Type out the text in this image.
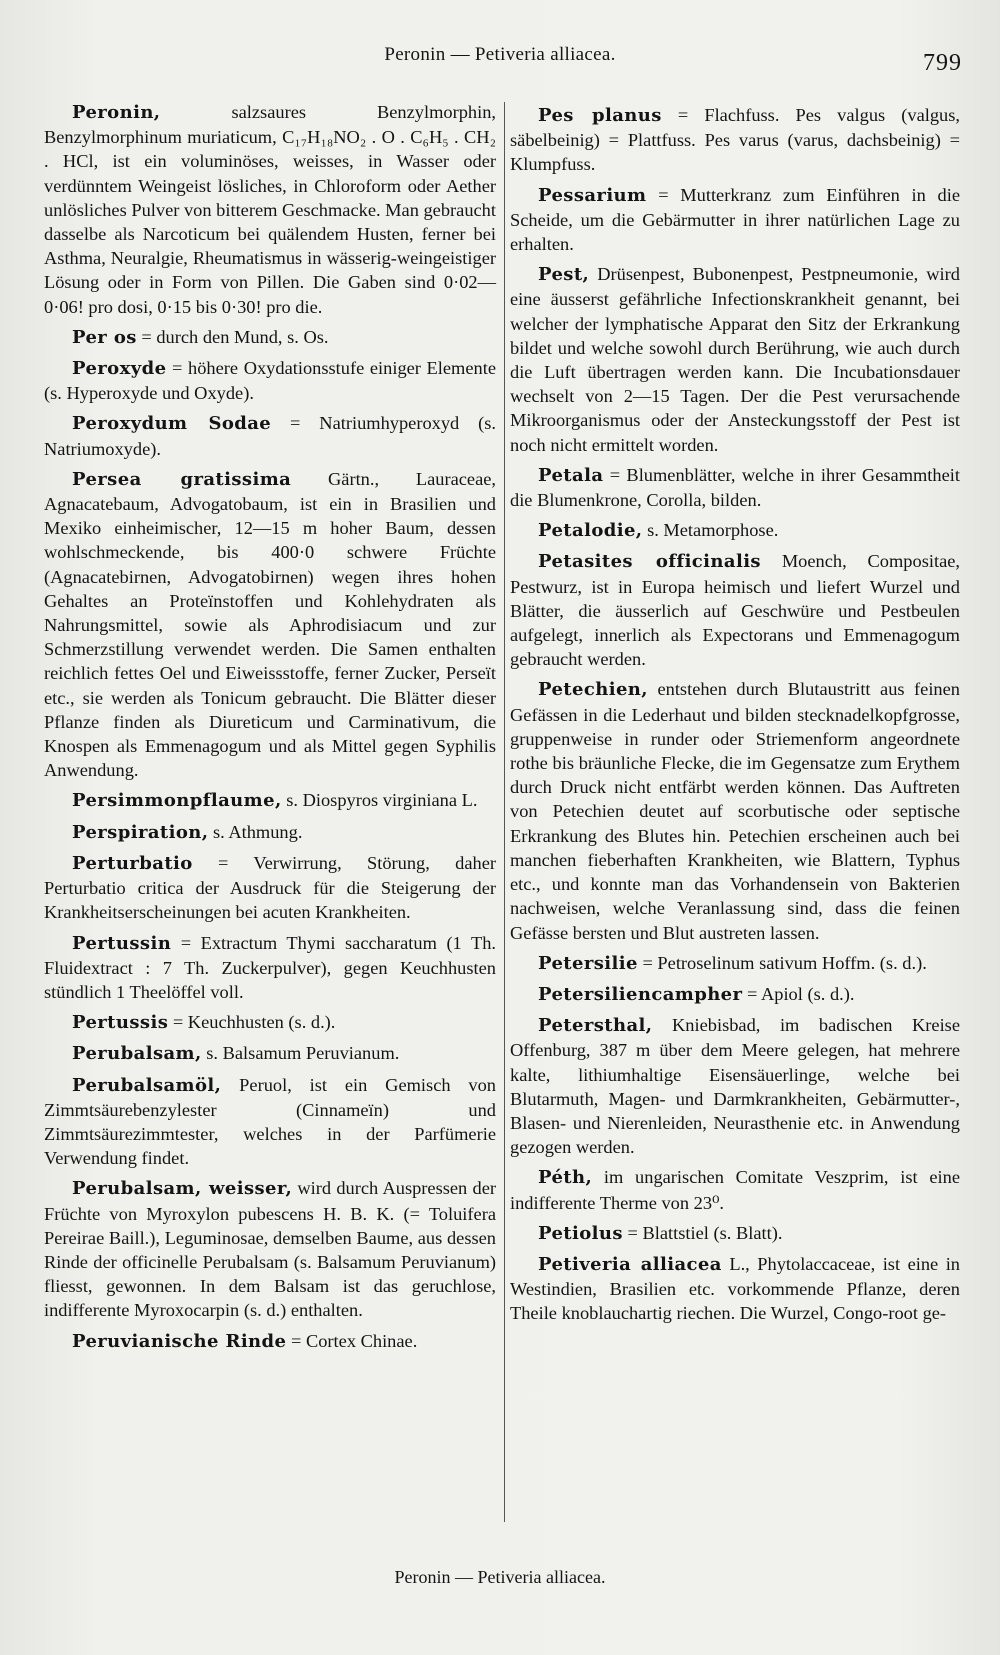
Peronin — Petiveria alliacea.	799

Peronin, salzsaures Benzylmorphin, Benzylmorphinum muriaticum, C₁₇H₁₈NO₂ . O . C₆H₅ . CH₂ . HCl, ist ein voluminöses, weisses, in Wasser oder verdünntem Weingeist lösliches, in Chloroform oder Aether unlösliches Pulver von bitterem Geschmacke. Man gebraucht dasselbe als Narcoticum bei quälendem Husten, ferner bei Asthma, Neuralgie, Rheumatismus in wässerig-weingeistiger Lösung oder in Form von Pillen. Die Gaben sind 0·02—0·06! pro dosi, 0·15 bis 0·30! pro die.

Per os = durch den Mund, s. Os.

Peroxyde = höhere Oxydationsstufe einiger Elemente (s. Hyperoxyde und Oxyde).

Peroxydum Sodae = Natriumhyperoxyd (s. Natriumoxyde).

Persea gratissima Gärtn., Lauraceae, Agnacatebaum, Advogatobaum, ist ein in Brasilien und Mexiko einheimischer, 12—15 m hoher Baum, dessen wohlschmeckende, bis 400·0 schwere Früchte (Agnacatebirnen, Advogatobirnen) wegen ihres hohen Gehaltes an Proteïnstoffen und Kohlehydraten als Nahrungsmittel, sowie als Aphrodisiacum und zur Schmerzstillung verwendet werden. Die Samen enthalten reichlich fettes Oel und Eiweissstoffe, ferner Zucker, Perseït etc., sie werden als Tonicum gebraucht. Die Blätter dieser Pflanze finden als Diureticum und Carminativum, die Knospen als Emmenagogum und als Mittel gegen Syphilis Anwendung.

Persimmonpflaume, s. Diospyros virginiana L.

Perspiration, s. Athmung.

Perturbatio = Verwirrung, Störung, daher Perturbatio critica der Ausdruck für die Steigerung der Krankheitserscheinungen bei acuten Krankheiten.

Pertussin = Extractum Thymi saccharatum (1 Th. Fluidextract : 7 Th. Zuckerpulver), gegen Keuchhusten stündlich 1 Theelöffel voll.

Pertussis = Keuchhusten (s. d.).

Perubalsam, s. Balsamum Peruvianum.

Perubalsamöl, Peruol, ist ein Gemisch von Zimmtsäurebenzylester (Cinnameïn) und Zimmtsäurezimmtester, welches in der Parfümerie Verwendung findet.

Perubalsam, weisser, wird durch Auspressen der Früchte von Myroxylon pubescens H. B. K. (= Toluifera Pereirae Baill.), Leguminosae, demselben Baume, aus dessen Rinde der officinelle Perubalsam (s. Balsamum Peruvianum) fliesst, gewonnen. In dem Balsam ist das geruchlose, indifferente Myroxocarpin (s. d.) enthalten.

Peruvianische Rinde = Cortex Chinae.

Pes planus = Flachfuss. Pes valgus (valgus, säbelbeinig) = Plattfuss. Pes varus (varus, dachsbeinig) = Klumpfuss.

Pessarium = Mutterkranz zum Einführen in die Scheide, um die Gebärmutter in ihrer natürlichen Lage zu erhalten.

Pest, Drüsenpest, Bubonenpest, Pestpneumonie, wird eine äusserst gefährliche Infectionskrankheit genannt, bei welcher der lymphatische Apparat den Sitz der Erkrankung bildet und welche sowohl durch Berührung, wie auch durch die Luft übertragen werden kann. Die Incubationsdauer wechselt von 2—15 Tagen. Der die Pest verursachende Mikroorganismus oder der Ansteckungsstoff der Pest ist noch nicht ermittelt worden.

Petala = Blumenblätter, welche in ihrer Gesammtheit die Blumenkrone, Corolla, bilden.

Petalodie, s. Metamorphose.

Petasites officinalis Moench, Compositae, Pestwurz, ist in Europa heimisch und liefert Wurzel und Blätter, die äusserlich auf Geschwüre und Pestbeulen aufgelegt, innerlich als Expectorans und Emmenagogum gebraucht werden.

Petechien, entstehen durch Blutaustritt aus feinen Gefässen in die Lederhaut und bilden stecknadelkopfgrosse, gruppenweise in runder oder Striemenform angeordnete rothe bis bräunliche Flecke, die im Gegensatze zum Erythem durch Druck nicht entfärbt werden können. Das Auftreten von Petechien deutet auf scorbutische oder septische Erkrankung des Blutes hin. Petechien erscheinen auch bei manchen fieberhaften Krankheiten, wie Blattern, Typhus etc., und konnte man das Vorhandensein von Bakterien nachweisen, welche Veranlassung sind, dass die feinen Gefässe bersten und Blut austreten lassen.

Petersilie = Petroselinum sativum Hoffm. (s. d.).

Petersiliencampher = Apiol (s. d.).

Petersthal, Kniebisbad, im badischen Kreise Offenburg, 387 m über dem Meere gelegen, hat mehrere kalte, lithiumhaltige Eisensäuerlinge, welche bei Blutarmuth, Magen- und Darmkrankheiten, Gebärmutter-, Blasen- und Nierenleiden, Neurasthenie etc. in Anwendung gezogen werden.

Péth, im ungarischen Comitate Veszprim, ist eine indifferente Therme von 23⁰.

Petiolus = Blattstiel (s. Blatt).

Petiveria alliacea L., Phytolaccaceae, ist eine in Westindien, Brasilien etc. vorkommende Pflanze, deren Theile knoblauchartig riechen. Die Wurzel, Congo-root ge-

Peronin — Petiveria alliacea.
